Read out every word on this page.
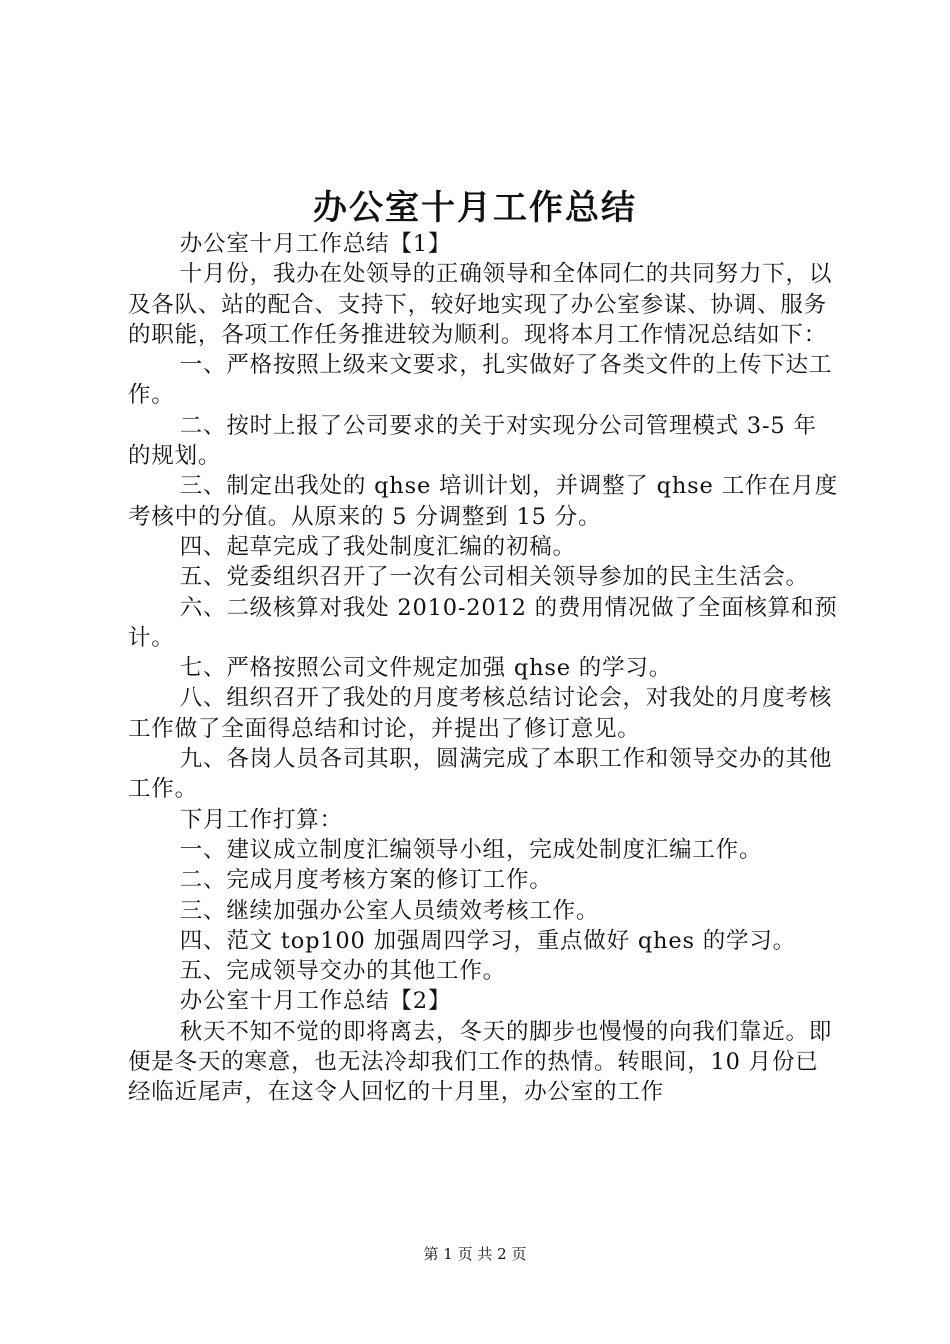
办公室十月工作总结

办公室十月工作总结【1】

十月份，我办在处领导的正确领导和全体同仁的共同努力下，以及各队、站的配合、支持下，较好地实现了办公室参谋、协调、服务的职能，各项工作任务推进较为顺利。现将本月工作情况总结如下：

一、严格按照上级来文要求，扎实做好了各类文件的上传下达工作。

二、按时上报了公司要求的关于对实现分公司管理模式 3-5 年的规划。

三、制定出我处的 qhse 培训计划，并调整了 qhse 工作在月度考核中的分值。从原来的 5 分调整到 15 分。

四、起草完成了我处制度汇编的初稿。

五、党委组织召开了一次有公司相关领导参加的民主生活会。

六、二级核算对我处 2010-2012 的费用情况做了全面核算和预计。

七、严格按照公司文件规定加强 qhse 的学习。

八、组织召开了我处的月度考核总结讨论会，对我处的月度考核工作做了全面得总结和讨论，并提出了修订意见。

九、各岗人员各司其职，圆满完成了本职工作和领导交办的其他工作。

下月工作打算：

一、建议成立制度汇编领导小组，完成处制度汇编工作。

二、完成月度考核方案的修订工作。

三、继续加强办公室人员绩效考核工作。

四、范文 top100 加强周四学习，重点做好 qhes 的学习。

五、完成领导交办的其他工作。

办公室十月工作总结【2】

秋天不知不觉的即将离去，冬天的脚步也慢慢的向我们靠近。即便是冬天的寒意，也无法冷却我们工作的热情。转眼间，10 月份已经临近尾声，在这令人回忆的十月里，办公室的工作

第 1 页 共 2 页
